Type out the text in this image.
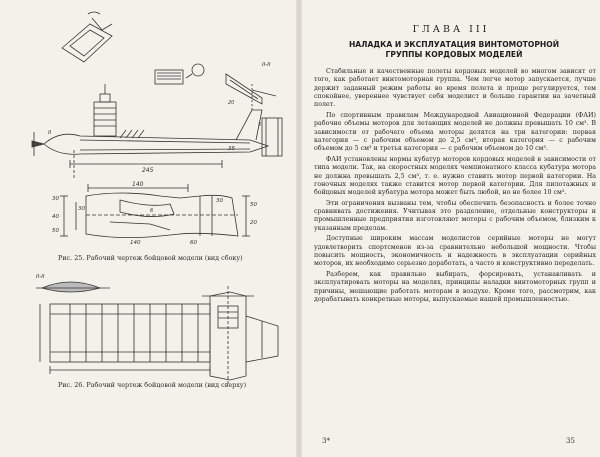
II-II
II
245
140
35
30
40
50
30
50
20
30
60
140
5
20
6
Рис. 25. Рабочий чертеж бойцовой модели (вид сбоку)
II-II
Рис. 26. Рабочий чертеж бойцовой модели (вид сверху)
ГЛАВА III
НАЛАДКА И ЭКСПЛУАТАЦИЯ ВИНТОМОТОРНОЙ
ГРУППЫ КОРДОВЫХ МОДЕЛЕЙ

Стабильные и качественные полеты кордовых моделей во многом зависят от того, как работает винтомоторная группа. Чем легче мотор запускается, лучше держит заданный режим работы во время полета и проще регулируется, тем спокойнее, увереннее чувствует себя моделист и больше гарантии на зачетный полет.

По спортивным правилам Международной Авиационной Федерации (ФАИ) рабочие объемы моторов для летающих моделей не должны превышать 10 см³. В зависимости от рабочего объема моторы делятся на три категории: первая категория — с рабочим объемом до 2,5 см³, вторая категория — с рабочим объемом до 5 см³ и третья категория — с рабочим объемом до 10 см³.

ФАИ установлены нормы кубатур моторов кордовых моделей в зависимости от типа модели. Так, на скоростных моделях чемпионатного класса кубатура мотора не должна превышать 2,5 см³, т. е. нужно ставить мотор первой категории. На гоночных моделях также ставится мотор первой категории. Для пилотажных и бойцовых моделей кубатура мотора может быть любой, но не более 10 см³.

Эти ограничения вызваны тем, чтобы обеспечить безопасность и более точно сравнивать достижения. Учитывая это разделение, отдельные конструкторы и промышленные предприятия изготовляют моторы с рабочим объемом, близким к указанным пределам.

Доступные широким массам моделистов серийные моторы не могут удовлетворить спортсменов из-за сравнительно небольшой мощности. Чтобы повысить мощность, экономичность и надежность в эксплуатации серийных моторов, их необходимо серьезно доработать, а часто и конструктивно переделать.

Разберем, как правильно выбирать, форсировать, устанавливать и эксплуатировать моторы на моделях, принципы наладки винтомоторных групп и причины, мешающие работать моторам в воздухе. Кроме того, рассмотрим, как дорабатывать конкретные моторы, выпускаемые нашей промышленностью.

3*	35
